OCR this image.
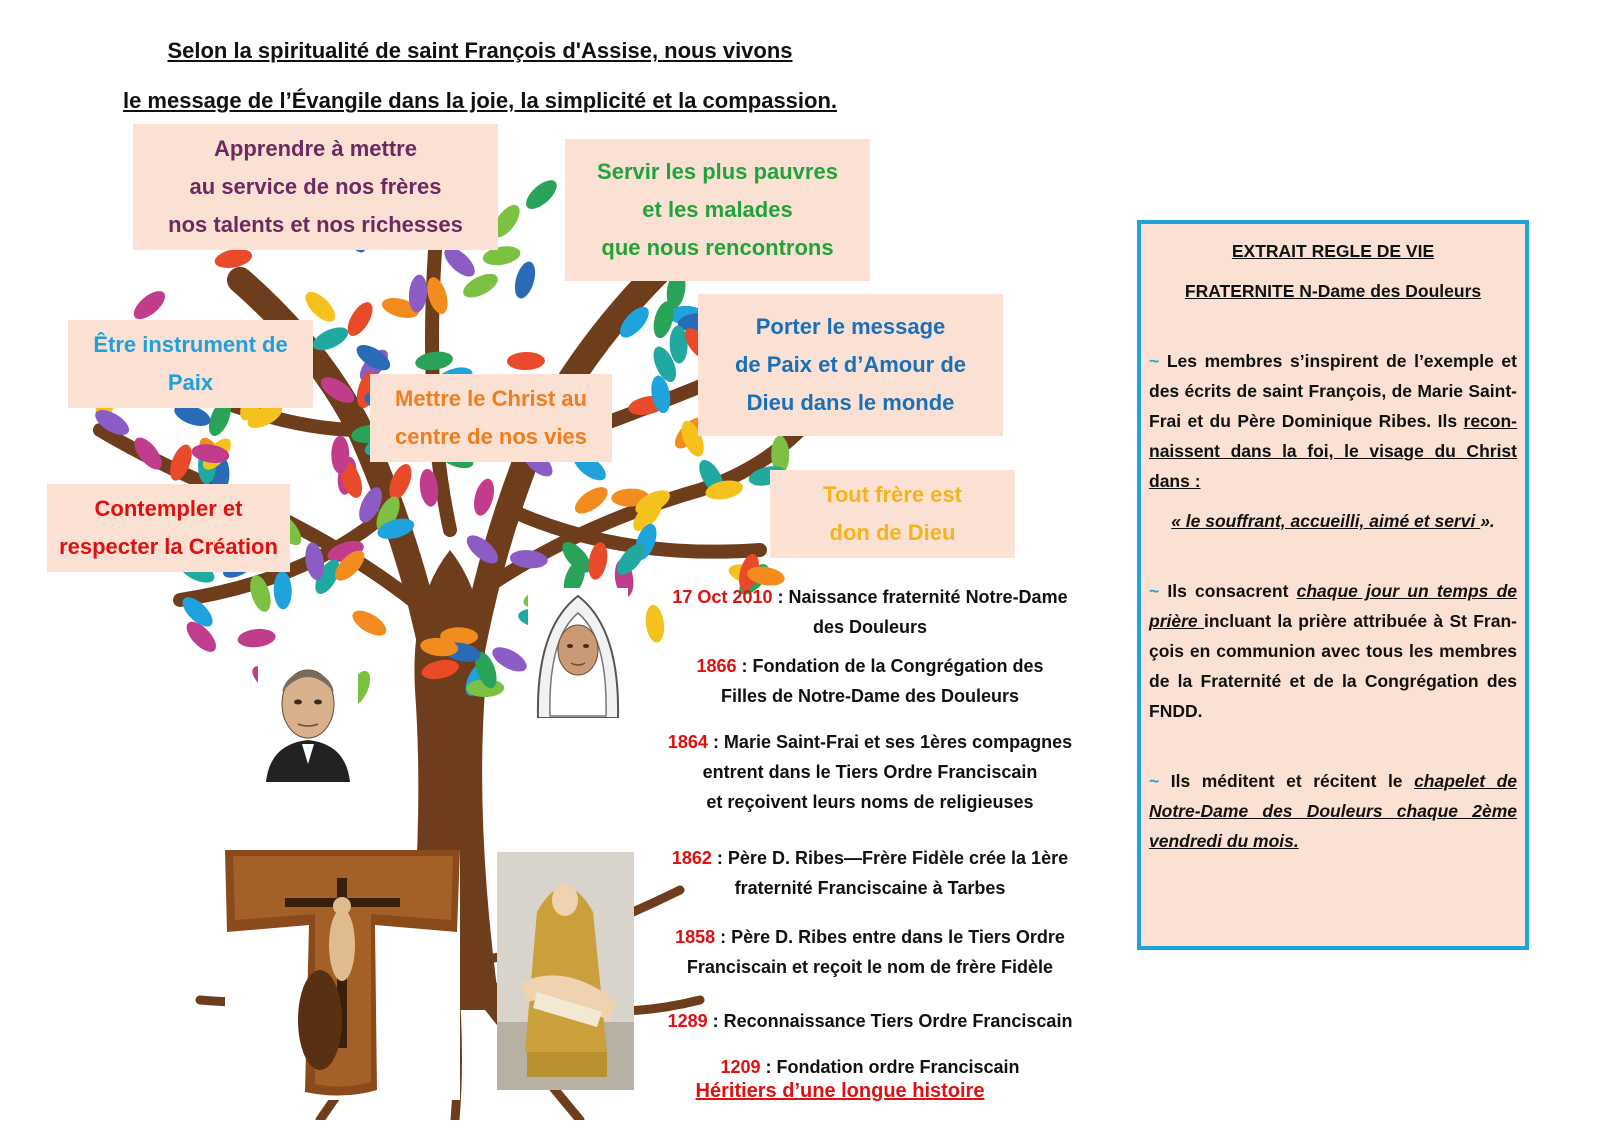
Selon la spiritualité de saint François d'Assise, nous vivons
le message de l’Évangile dans la joie, la simplicité et la compassion.
Apprendre à mettre
au service de nos frères
nos talents et nos richesses
Servir les plus pauvres
et les malades
que nous rencontrons
Être instrument de
Paix
Porter le message
de Paix et d’Amour de
Dieu dans le monde
Mettre le Christ au
centre de nos vies
Contempler et
respecter la Création
Tout frère est
don de Dieu
17 Oct 2010 : Naissance fraternité Notre-Dame
des Douleurs
1866 : Fondation de la Congrégation des
Filles de Notre-Dame des Douleurs
1864 : Marie Saint-Frai et ses 1ères compagnes
entrent dans le Tiers Ordre Franciscain
et reçoivent leurs noms de religieuses
1862 : Père D. Ribes—Frère Fidèle crée la 1ère
fraternité Franciscaine à Tarbes
1858 : Père D. Ribes entre dans le Tiers Ordre
Franciscain et reçoit le nom de frère Fidèle
1289 : Reconnaissance Tiers Ordre Franciscain
1209 : Fondation ordre Franciscain
Héritiers d’une longue histoire
EXTRAIT REGLE DE VIE
FRATERNITE N-Dame des Douleurs
~ Les membres s’inspirent de l’exemple et des écrits de saint François, de Marie Saint-Frai et du Père Dominique Ribes. Ils recon-naissent dans la foi, le visage du Christ dans :
« le souffrant, accueilli, aimé et servi ».
~ Ils consacrent chaque jour un temps de prière incluant la prière attribuée à St Fran-çois en communion avec tous les membres de la Fraternité et de la Congrégation des FNDD.
~ Ils méditent et récitent le chapelet de Notre-Dame des Douleurs chaque 2ème vendredi du mois.
